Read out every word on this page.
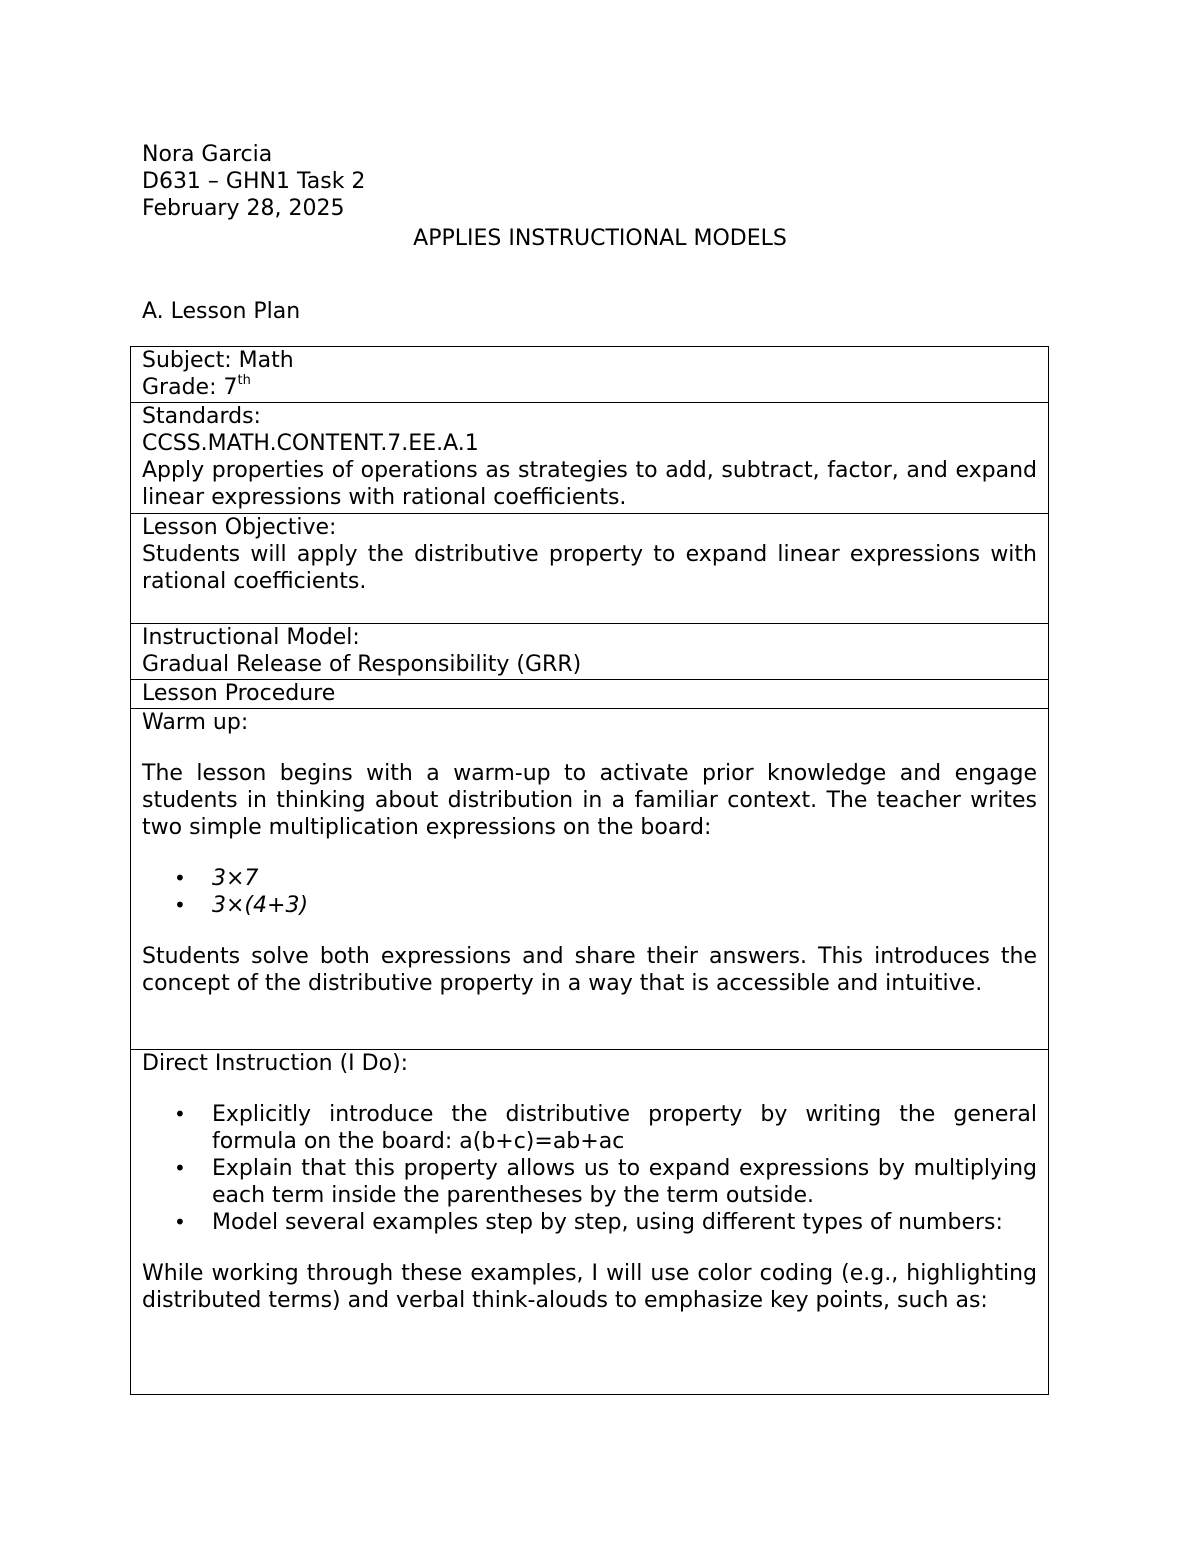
Nora Garcia
D631 – GHN1 Task 2
February 28, 2025
APPLIES INSTRUCTIONAL MODELS
A. Lesson Plan
Subject: Math
Grade: 7th

Standards:
CCSS.MATH.CONTENT.7.EE.A.1
Apply properties of operations as strategies to add, subtract, factor, and expand linear expressions with rational coefficients.

Lesson Objective:
Students will apply the distributive property to expand linear expressions with rational coefficients.

Instructional Model:
Gradual Release of Responsibility (GRR)

Lesson Procedure

Warm up:
The lesson begins with a warm-up to activate prior knowledge and engage students in thinking about distribution in a familiar context. The teacher writes two simple multiplication expressions on the board:
• 3×7
• 3×(4+3)
Students solve both expressions and share their answers. This introduces the concept of the distributive property in a way that is accessible and intuitive.

Direct Instruction (I Do):
• Explicitly introduce the distributive property by writing the general formula on the board: a(b+c)=ab+ac
• Explain that this property allows us to expand expressions by multiplying each term inside the parentheses by the term outside.
• Model several examples step by step, using different types of numbers:
While working through these examples, I will use color coding (e.g., highlighting distributed terms) and verbal think-alouds to emphasize key points, such as:
